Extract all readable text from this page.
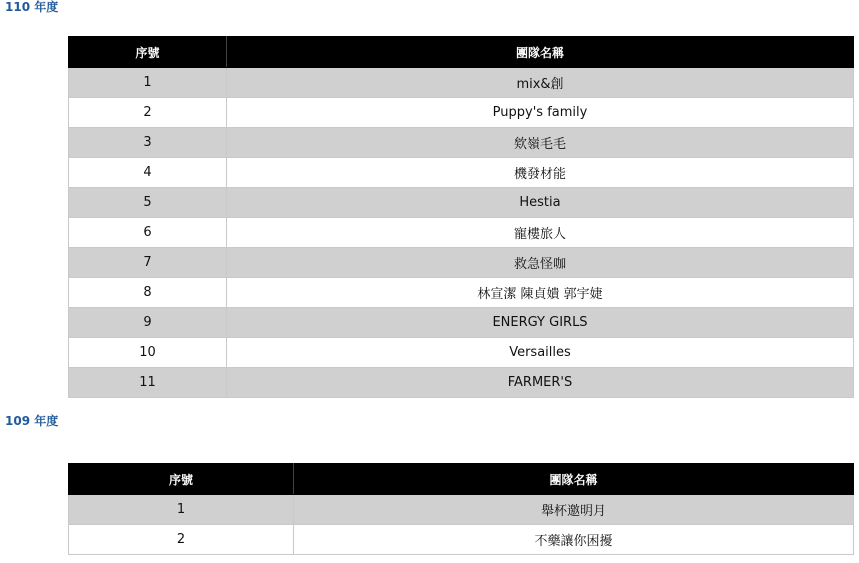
110 年度
序號	團隊名稱
1	mix&創
2	Puppy's family
3	欸嶺毛毛
4	機發材能
5	Hestia
6	寵樓旅人
7	救急怪咖
8	林宣潔 陳貞嬇 郭宇婕
9	ENERGY GIRLS
10	Versailles
11	FARMER'S
109 年度
序號	團隊名稱
1	舉杯邀明月
2	不藥讓你困擾
